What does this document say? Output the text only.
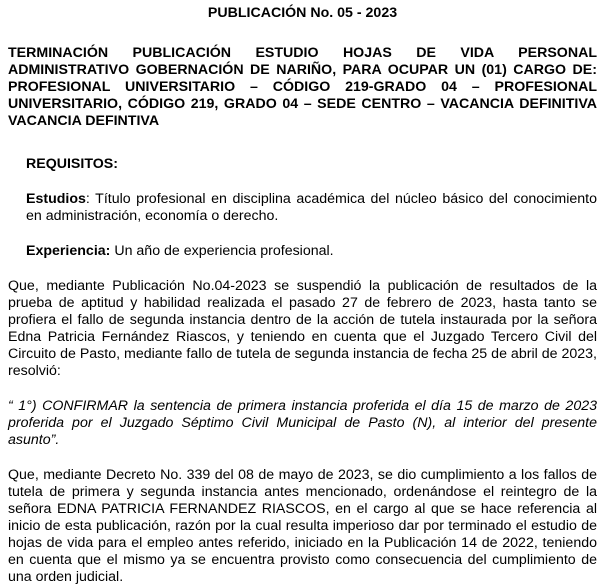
PUBLICACIÓN No. 05 - 2023
TERMINACIÓN PUBLICACIÓN ESTUDIO HOJAS DE VIDA PERSONAL ADMINISTRATIVO GOBERNACIÓN DE NARIÑO, PARA OCUPAR UN (01) CARGO DE: PROFESIONAL UNIVERSITARIO – CÓDIGO 219-GRADO 04 – PROFESIONAL UNIVERSITARIO, CÓDIGO 219, GRADO 04 – SEDE CENTRO – VACANCIA DEFINITIVA VACANCIA DEFINTIVA
REQUISITOS:
Estudios: Título profesional en disciplina académica del núcleo básico del conocimiento en administración, economía o derecho.
Experiencia: Un año de experiencia profesional.
Que, mediante Publicación No.04-2023 se suspendió la publicación de resultados de la prueba de aptitud y habilidad realizada el pasado 27 de febrero de 2023, hasta tanto se profiera el fallo de segunda instancia dentro de la acción de tutela instaurada por la señora Edna Patricia Fernández Riascos, y teniendo en cuenta que el Juzgado Tercero Civil del Circuito de Pasto, mediante fallo de tutela de segunda instancia de fecha 25 de abril de 2023, resolvió:
“ 1°) CONFIRMAR la sentencia de primera instancia proferida el día 15 de marzo de 2023 proferida por el Juzgado Séptimo Civil Municipal de Pasto (N), al interior del presente asunto”.
Que, mediante Decreto No. 339 del 08 de mayo de 2023, se dio cumplimiento a los fallos de tutela de primera y segunda instancia antes mencionado, ordenándose el reintegro de la señora EDNA PATRICIA FERNANDEZ RIASCOS, en el cargo al que se hace referencia al inicio de esta publicación, razón por la cual resulta imperioso dar por terminado el estudio de hojas de vida para el empleo antes referido, iniciado en la Publicación 14 de 2022, teniendo en cuenta que el mismo ya se encuentra provisto como consecuencia del cumplimiento de una orden judicial.
